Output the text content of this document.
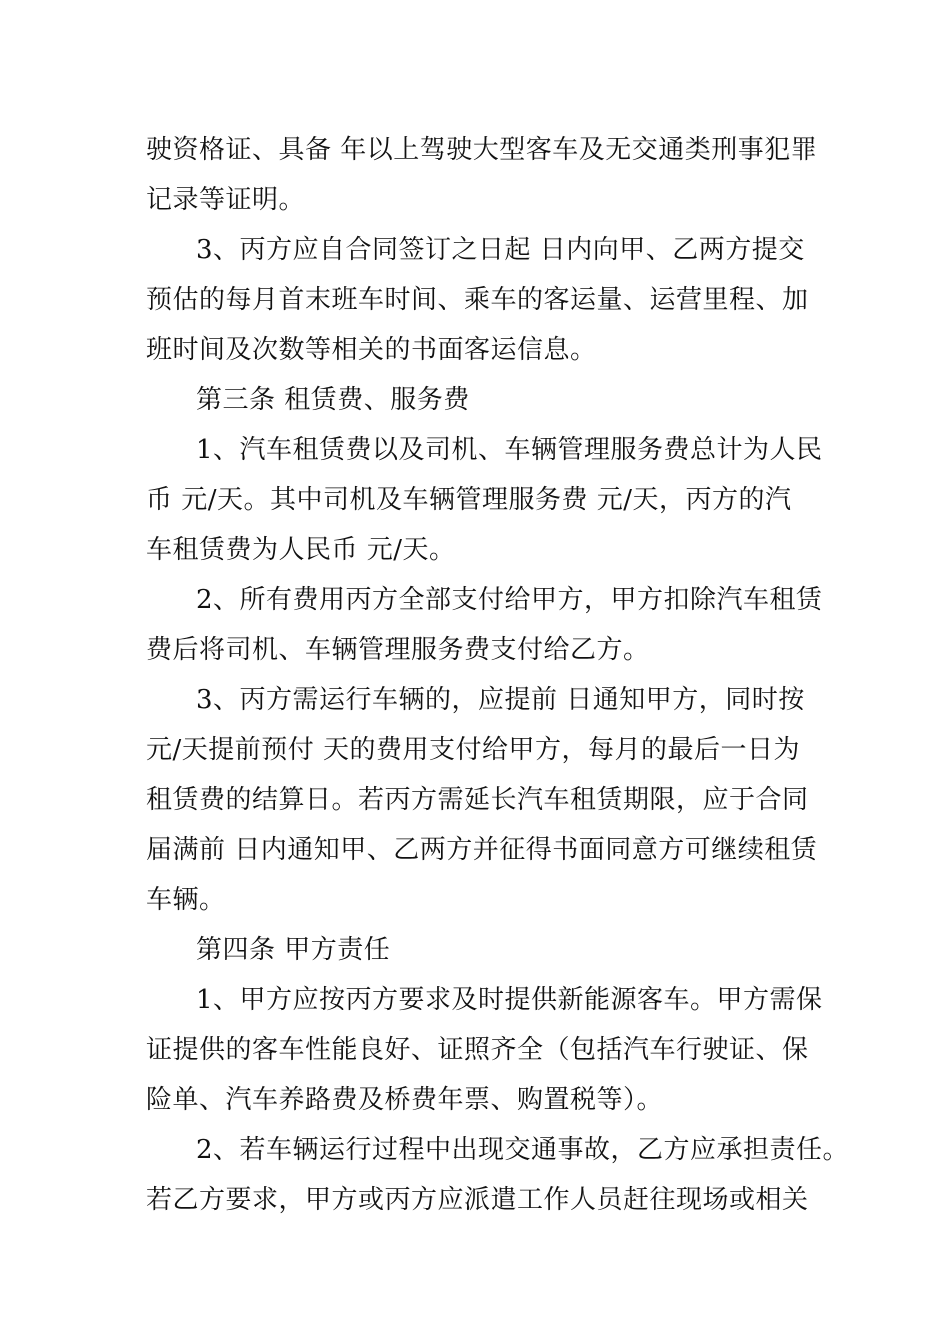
驶资格证、具备 年以上驾驶大型客车及无交通类刑事犯罪
记录等证明。
3、丙方应自合同签订之日起 日内向甲、乙两方提交
预估的每月首末班车时间、乘车的客运量、运营里程、加
班时间及次数等相关的书面客运信息。
第三条 租赁费、服务费
1、汽车租赁费以及司机、车辆管理服务费总计为人民
币 元/天。其中司机及车辆管理服务费 元/天，丙方的汽
车租赁费为人民币 元/天。
2、所有费用丙方全部支付给甲方，甲方扣除汽车租赁
费后将司机、车辆管理服务费支付给乙方。
3、丙方需运行车辆的，应提前 日通知甲方，同时按
元/天提前预付 天的费用支付给甲方，每月的最后一日为
租赁费的结算日。若丙方需延长汽车租赁期限，应于合同
届满前 日内通知甲、乙两方并征得书面同意方可继续租赁
车辆。
第四条 甲方责任
1、甲方应按丙方要求及时提供新能源客车。甲方需保
证提供的客车性能良好、证照齐全（包括汽车行驶证、保
险单、汽车养路费及桥费年票、购置税等）。
2、若车辆运行过程中出现交通事故，乙方应承担责任。
若乙方要求，甲方或丙方应派遣工作人员赶往现场或相关
